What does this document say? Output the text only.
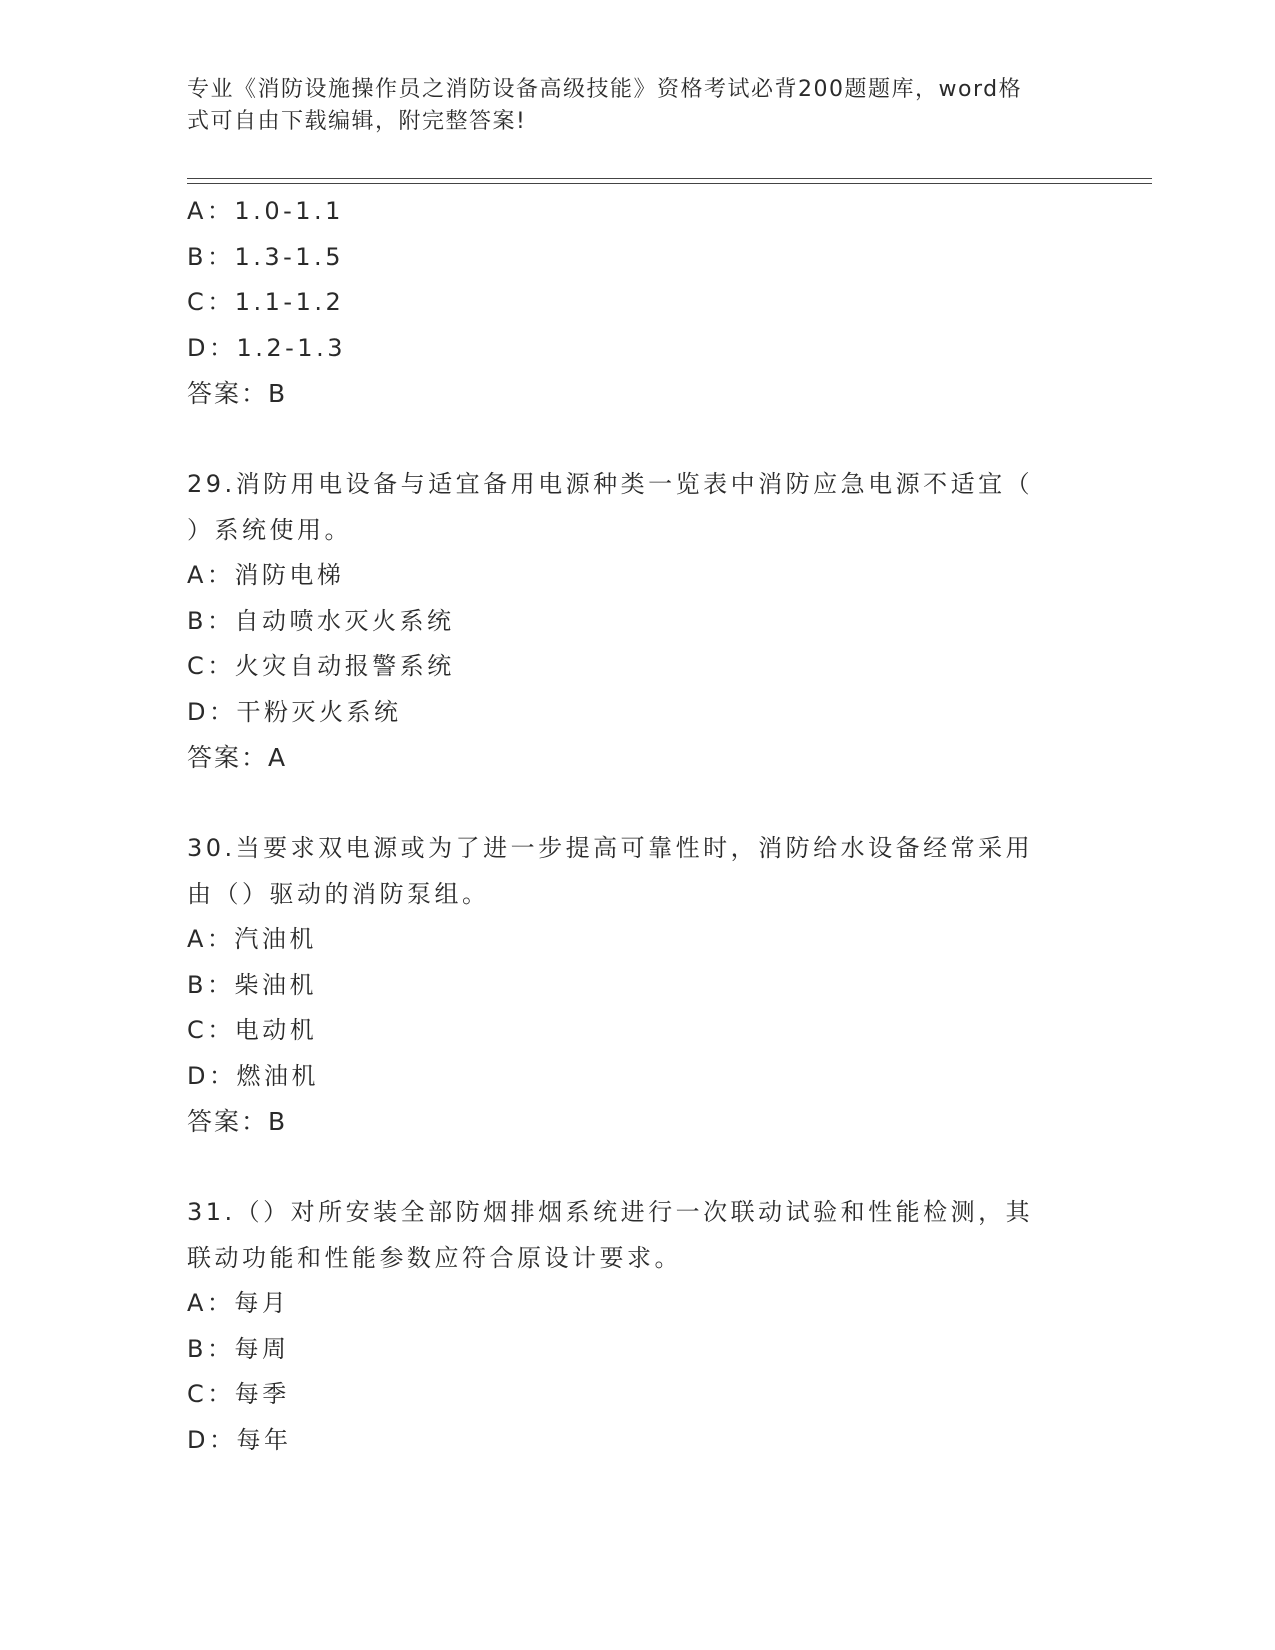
专业《消防设施操作员之消防设备高级技能》资格考试必背200题题库，word格
式可自由下载编辑，附完整答案!
A：1.0-1.1
B：1.3-1.5
C：1.1-1.2
D：1.2-1.3
答案：B
29.消防用电设备与适宜备用电源种类一览表中消防应急电源不适宜（
）系统使用。
A：消防电梯
B：自动喷水灭火系统
C：火灾自动报警系统
D：干粉灭火系统
答案：A
30.当要求双电源或为了进一步提高可靠性时，消防给水设备经常采用
由（）驱动的消防泵组。
A：汽油机
B：柴油机
C：电动机
D：燃油机
答案：B
31.（）对所安装全部防烟排烟系统进行一次联动试验和性能检测，其
联动功能和性能参数应符合原设计要求。
A：每月
B：每周
C：每季
D：每年
